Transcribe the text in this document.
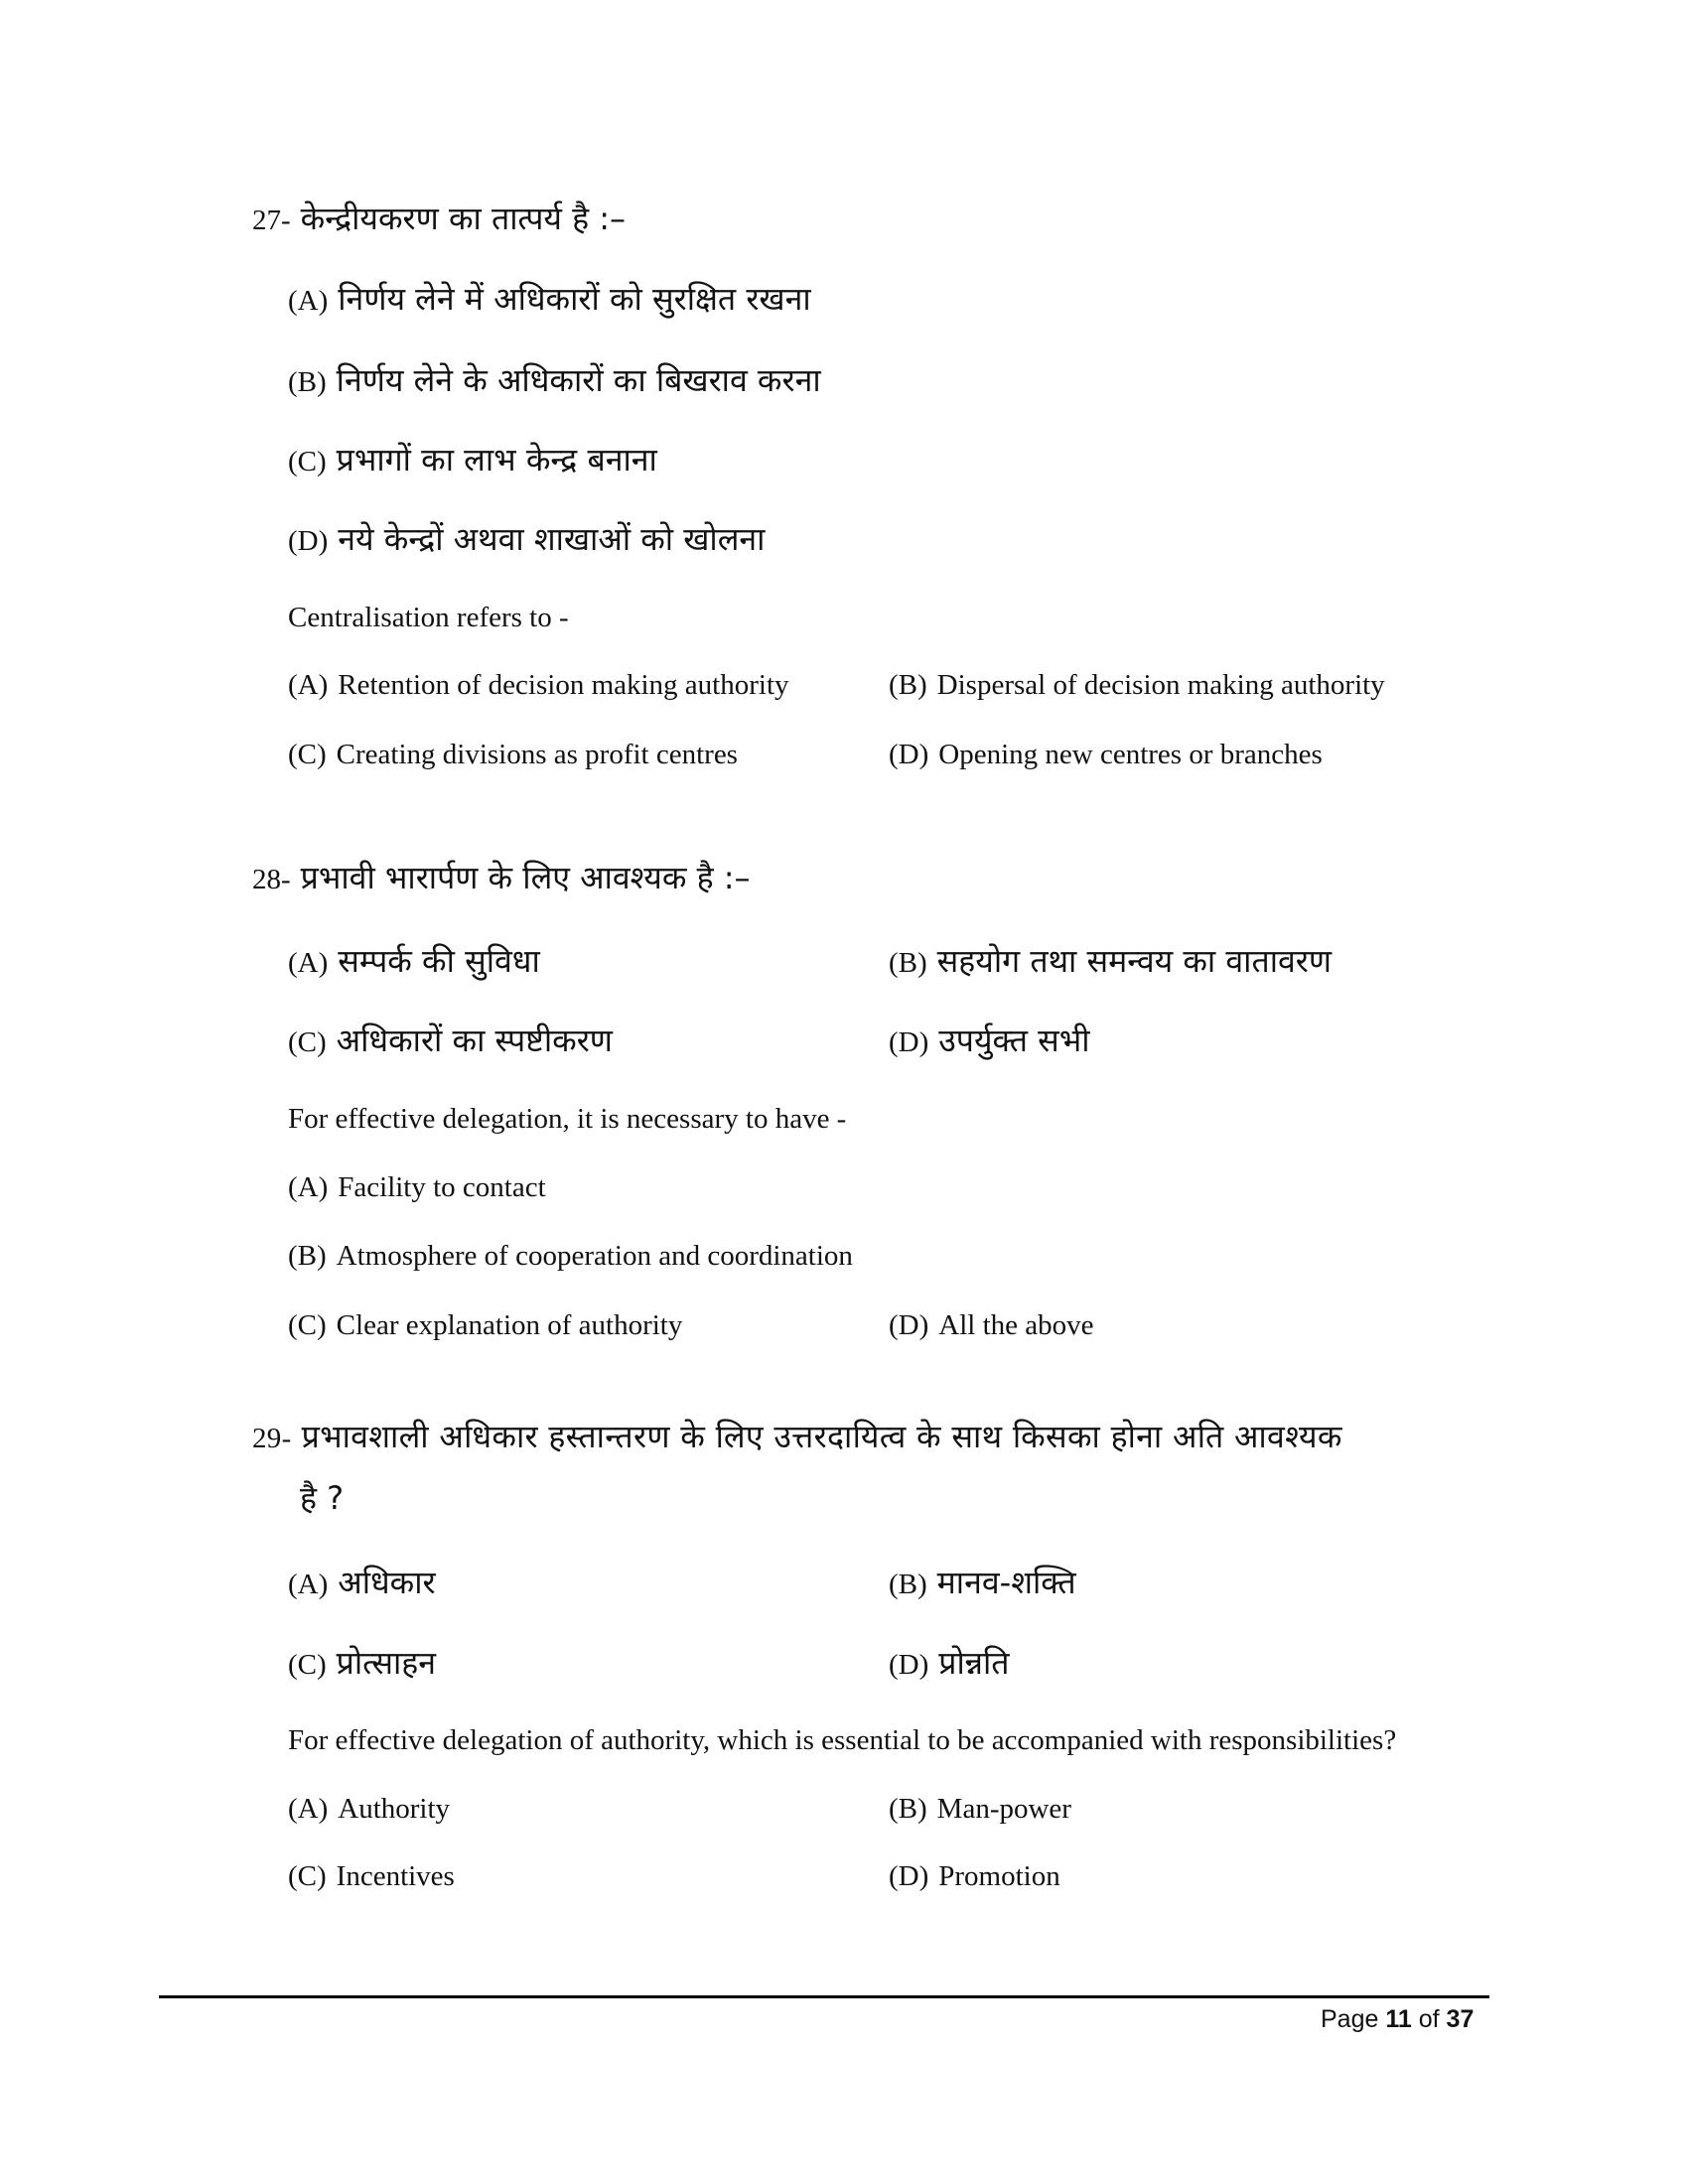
27- केन्द्रीयकरण का तात्पर्य है :–
(A) निर्णय लेने में अधिकारों को सुरक्षित रखना
(B) निर्णय लेने के अधिकारों का बिखराव करना
(C) प्रभागों का लाभ केन्द्र बनाना
(D) नये केन्द्रों अथवा शाखाओं को खोलना
Centralisation refers to -
(A) Retention of decision making authority	(B) Dispersal of decision making authority
(C) Creating divisions as profit centres	(D) Opening new centres or branches
28- प्रभावी भारार्पण के लिए आवश्यक है :–
(A) सम्पर्क की सुविधा	(B) सहयोग तथा समन्वय का वातावरण
(C) अधिकारों का स्पष्टीकरण	(D) उपर्युक्त सभी
For effective delegation, it is necessary to have -
(A) Facility to contact
(B) Atmosphere of cooperation and coordination
(C) Clear explanation of authority	(D) All the above
29- प्रभावशाली अधिकार हस्तान्तरण के लिए उत्तरदायित्व के साथ किसका होना अति आवश्यक
है ?
(A) अधिकार	(B) मानव-शक्ति
(C) प्रोत्साहन	(D) प्रोन्नति
For effective delegation of authority, which is essential to be accompanied with responsibilities?
(A) Authority	(B) Man-power
(C) Incentives	(D) Promotion
Page 11 of 37
